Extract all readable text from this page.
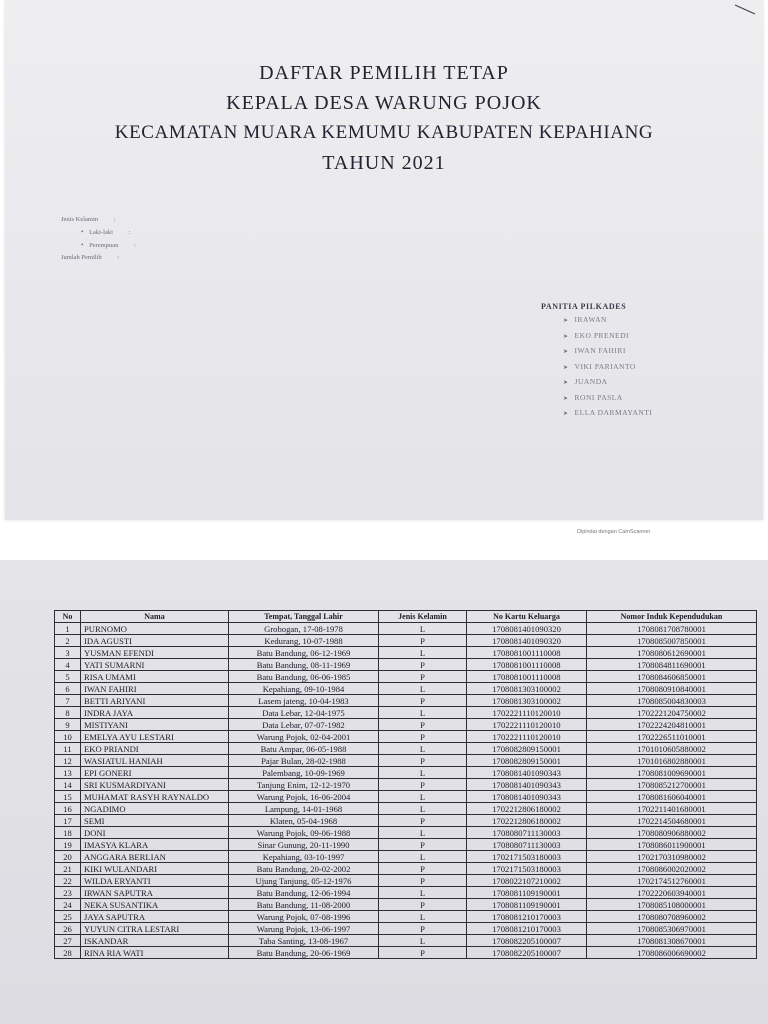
DAFTAR PEMILIH TETAP
KEPALA DESA WARUNG POJOK
KECAMATAN MUARA KEMUMU KABUPATEN KEPAHIANG
TAHUN 2021
Jenis Kelamin :
• Laki-laki :
• Perempuan :
Jumlah Pemilih :
PANITIA PILKADES
➤ IRAWAN
➤ EKO PRENEDI
➤ IWAN FAHIRI
➤ VIKI PARIANTO
➤ JUANDA
➤ RONI PASLA
➤ ELLA DARMAYANTI
Dipindai dengan CamScanner
No	Nama	Tempat, Tanggal Lahir	Jenis Kelamin	No Kartu Keluarga	Nomor Induk Kependudukan
1	PURNOMO	Grobogan, 17-08-1978	L	1708081401090320	1708081708780001
2	IDA AGUSTI	Kedurang, 10-07-1988	P	1708081401090320	1708085007850001
3	YUSMAN EFENDI	Batu Bandung, 06-12-1969	L	1708081001110008	1708080612690001
4	YATI SUMARNI	Batu Bandung, 08-11-1969	P	1708081001110008	1708084811690001
5	RISA UMAMI	Batu Bandung, 06-06-1985	P	1708081001110008	1708084606850001
6	IWAN FAHIRI	Kepahiang, 09-10-1984	L	1708081303100002	1708080910840001
7	BETTI ARIYANI	Lasem jateng, 10-04-1983	P	1708081303100002	1708085004830003
8	INDRA JAYA	Data Lebar, 12-04-1975	L	1702221110120010	1702221204750002
9	MISTIYANI	Data Lebar, 07-07-1982	P	1702221110120010	1702224204810001
10	EMELYA AYU LESTARI	Warung Pojok, 02-04-2001	P	1702221110120010	1702226511010001
11	EKO PRIANDI	Batu Ampar, 06-05-1988	L	1708082809150001	1701010605880002
12	WASIATUL HANIAH	Pajar Bulan, 28-02-1988	P	1708082809150001	1701016802880001
13	EPI GONERI	Palembang, 10-09-1969	L	1708081401090343	1708081009690001
14	SRI KUSMARDIYANI	Tanjung Enim, 12-12-1970	P	1708081401090343	1708085212700001
15	MUHAMAT RASYH RAYNALDO	Warung Pojok, 16-06-2004	L	1708081401090343	1708081606040001
16	NGADIMO	Lampung, 14-01-1968	L	1702212806180002	1702211401680001
17	SEMI	Klaten, 05-04-1968	P	1702212806180002	1702214504680001
18	DONI	Warung Pojok, 09-06-1988	L	1708080711130003	1708080906880002
19	IMASYA KLARA	Sinar Gunung, 20-11-1990	P	1708080711130003	1708086011900001
20	ANGGARA BERLIAN	Kepahiang, 03-10-1997	L	1702171503180003	1702170310980002
21	KIKI WULANDARI	Batu Bandung, 20-02-2002	P	1702171503180003	1708086002020002
22	WILDA ERYANTI	Ujung Tanjung, 05-12-1976	P	1708022107210002	1702174512760001
23	IRWAN SAPUTRA	Batu Bandung, 12-06-1994	L	1708081109190001	1702220603940001
24	NEKA SUSANTIKA	Batu Bandung, 11-08-2000	P	1708081109190001	1708085108000001
25	JAYA SAPUTRA	Warung Pojok, 07-08-1996	L	1708081210170003	1708080708960002
26	YUYUN CITRA LESTARI	Warung Pojok, 13-06-1997	P	1708081210170003	1708085306970001
27	ISKANDAR	Taba Santing, 13-08-1967	L	1708082205100007	1708081308670001
28	RINA RIA WATI	Batu Bandung, 20-06-1969	P	1708082205100007	1708086006690002
